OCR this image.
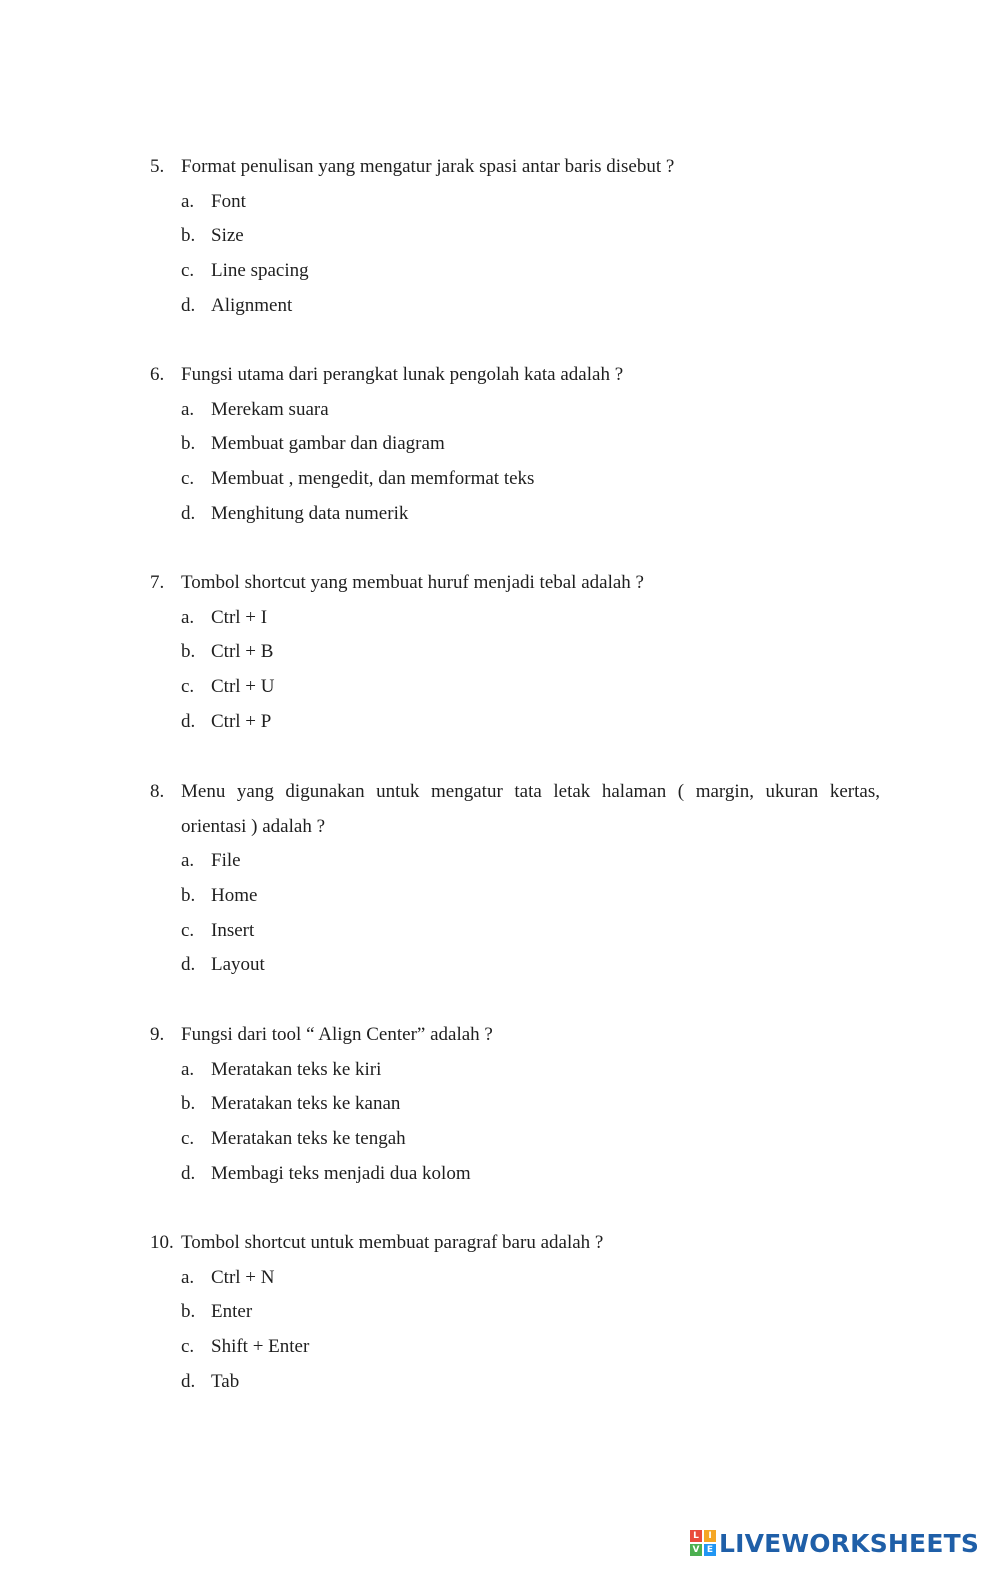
5. Format penulisan yang mengatur jarak spasi antar baris disebut ?
a. Font
b. Size
c. Line spacing
d. Alignment
6. Fungsi utama dari perangkat lunak pengolah kata adalah ?
a. Merekam suara
b. Membuat gambar dan diagram
c. Membuat , mengedit, dan memformat teks
d. Menghitung data numerik
7. Tombol shortcut yang membuat huruf menjadi tebal adalah ?
a. Ctrl + I
b. Ctrl + B
c. Ctrl + U
d. Ctrl + P
8. Menu yang digunakan untuk mengatur tata letak halaman ( margin, ukuran kertas,
orientasi ) adalah ?
a. File
b. Home
c. Insert
d. Layout
9. Fungsi dari tool “ Align Center” adalah ?
a. Meratakan teks ke kiri
b. Meratakan teks ke kanan
c. Meratakan teks ke tengah
d. Membagi teks menjadi dua kolom
10. Tombol shortcut untuk membuat paragraf baru adalah ?
a. Ctrl + N
b. Enter
c. Shift + Enter
d. Tab
L	I
V E LIVEWORKSHEETS
